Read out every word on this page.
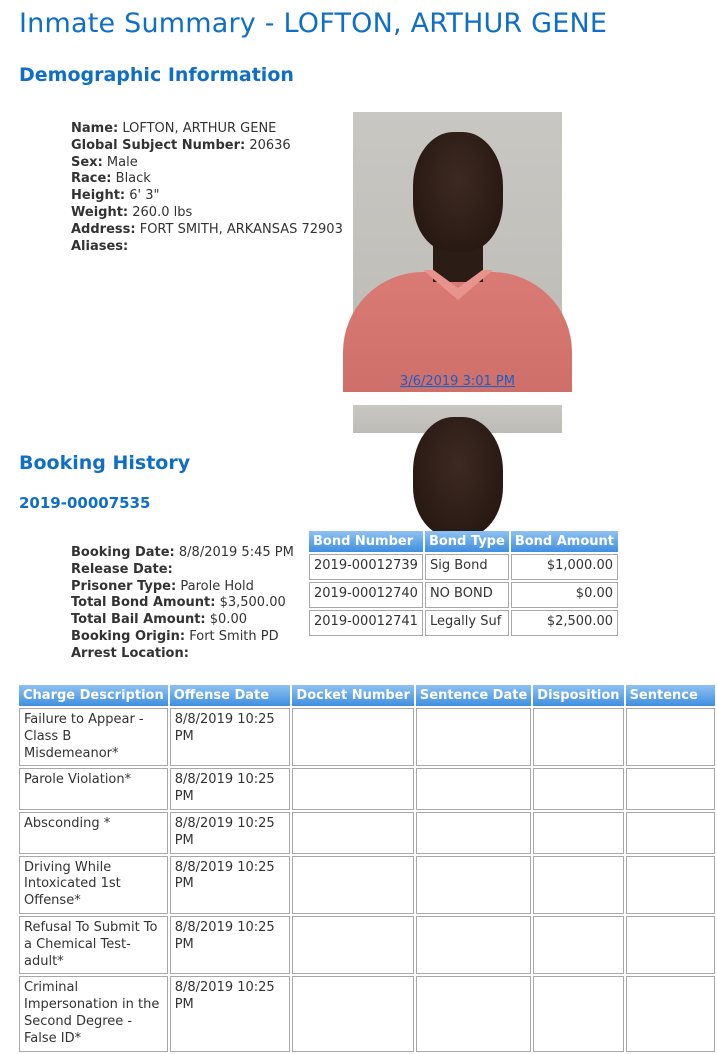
Inmate Summary - LOFTON, ARTHUR GENE
Demographic Information
Name: LOFTON, ARTHUR GENE
Global Subject Number: 20636
Sex: Male
Race: Black
Height: 6' 3"
Weight: 260.0 lbs
Address: FORT SMITH, ARKANSAS 72903
Aliases:
3/6/2019 3:01 PM
Booking History
2019-00007535
Booking Date: 8/8/2019 5:45 PM
Release Date:
Prisoner Type: Parole Hold
Total Bond Amount: $3,500.00
Total Bail Amount: $0.00
Booking Origin: Fort Smith PD
Arrest Location:
Bond Number	Bond Type	Bond Amount
2019-00012739	Sig Bond	$1,000.00
2019-00012740	NO BOND	$0.00
2019-00012741	Legally Suf	$2,500.00
Charge Description	Offense Date	Docket Number	Sentence Date	Disposition	Sentence
Failure to Appear - Class B Misdemeanor*	8/8/2019 10:25 PM				
Parole Violation*	8/8/2019 10:25 PM				
Absconding *	8/8/2019 10:25 PM				
Driving While Intoxicated 1st Offense*	8/8/2019 10:25 PM				
Refusal To Submit To a Chemical Test-adult*	8/8/2019 10:25 PM				
Criminal Impersonation in the Second Degree - False ID*	8/8/2019 10:25 PM				
